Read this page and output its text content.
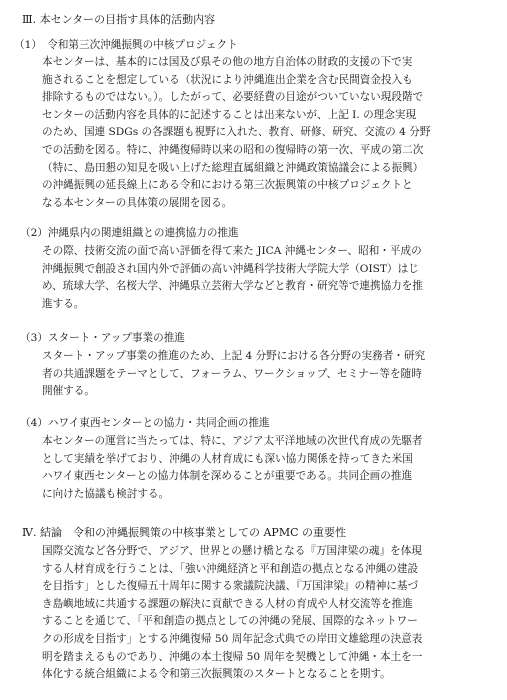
Ⅲ. 本センターの目指す具体的活動内容
（1）　令和第三次沖縄振興の中核プロジェクト
本センターは、基本的には国及び県その他の地方自治体の財政的支援の下で実
施されることを想定している（状況により沖縄進出企業を含む民間資金投入も
排除するものではない。）。したがって、必要経費の目途がついていない現段階で
センターの活動内容を具体的に記述することは出来ないが、上記 I. の理念実現
のため、国連 SDGs の各課題も視野に入れた、教育、研修、研究、交流の 4 分野
での活動を図る。特に、沖縄復帰時以来の昭和の復帰時の第一次、平成の第二次
（特に、島田懇の知見を吸い上げた総理直属組織と沖縄政策協議会による振興）
の沖縄振興の延長線上にある令和における第三次振興策の中核プロジェクトと
なる本センターの具体策の展開を図る。
（2）沖縄県内の関連組織との連携協力の推進
その際、技術交流の面で高い評価を得て来た JICA 沖縄センター、昭和・平成の
沖縄振興で創設され国内外で評価の高い沖縄科学技術大学院大学（OIST）はじ
め、琉球大学、名桜大学、沖縄県立芸術大学などと教育・研究等で連携協力を推
進する。
（3）スタート・アップ事業の推進
スタート・アップ事業の推進のため、上記 4 分野における各分野の実務者・研究
者の共通課題をテーマとして、フォーラム、ワークショップ、セミナー等を随時
開催する。
（4）ハワイ東西センターとの協力・共同企画の推進
本センターの運営に当たっては、特に、アジア太平洋地域の次世代育成の先駆者
として実績を挙げており、沖縄の人材育成にも深い協力関係を持ってきた米国
ハワイ東西センターとの協力体制を深めることが重要である。共同企画の推進
に向けた協議も検討する。
Ⅳ. 結論　令和の沖縄振興策の中核事業としての APMC の重要性
国際交流など各分野で、アジア、世界との懸け橋となる『万国津梁の魂』を体現
する人材育成を行うことは、「強い沖縄経済と平和創造の拠点となる沖縄の建設
を目指す」とした復帰五十周年に関する衆議院決議、『万国津梁』の精神に基づ
き島嶼地域に共通する課題の解決に貢献できる人材の育成や人材交流等を推進
することを通じて、「平和創造の拠点としての沖縄の発展、国際的なネットワー
クの形成を目指す」とする沖縄復帰 50 周年記念式典での岸田文雄総理の決意表
明を踏まえるものであり、沖縄の本土復帰 50 周年を契機として沖縄・本土を一
体化する統合組織による令和第三次振興策のスタートとなることを期す。
